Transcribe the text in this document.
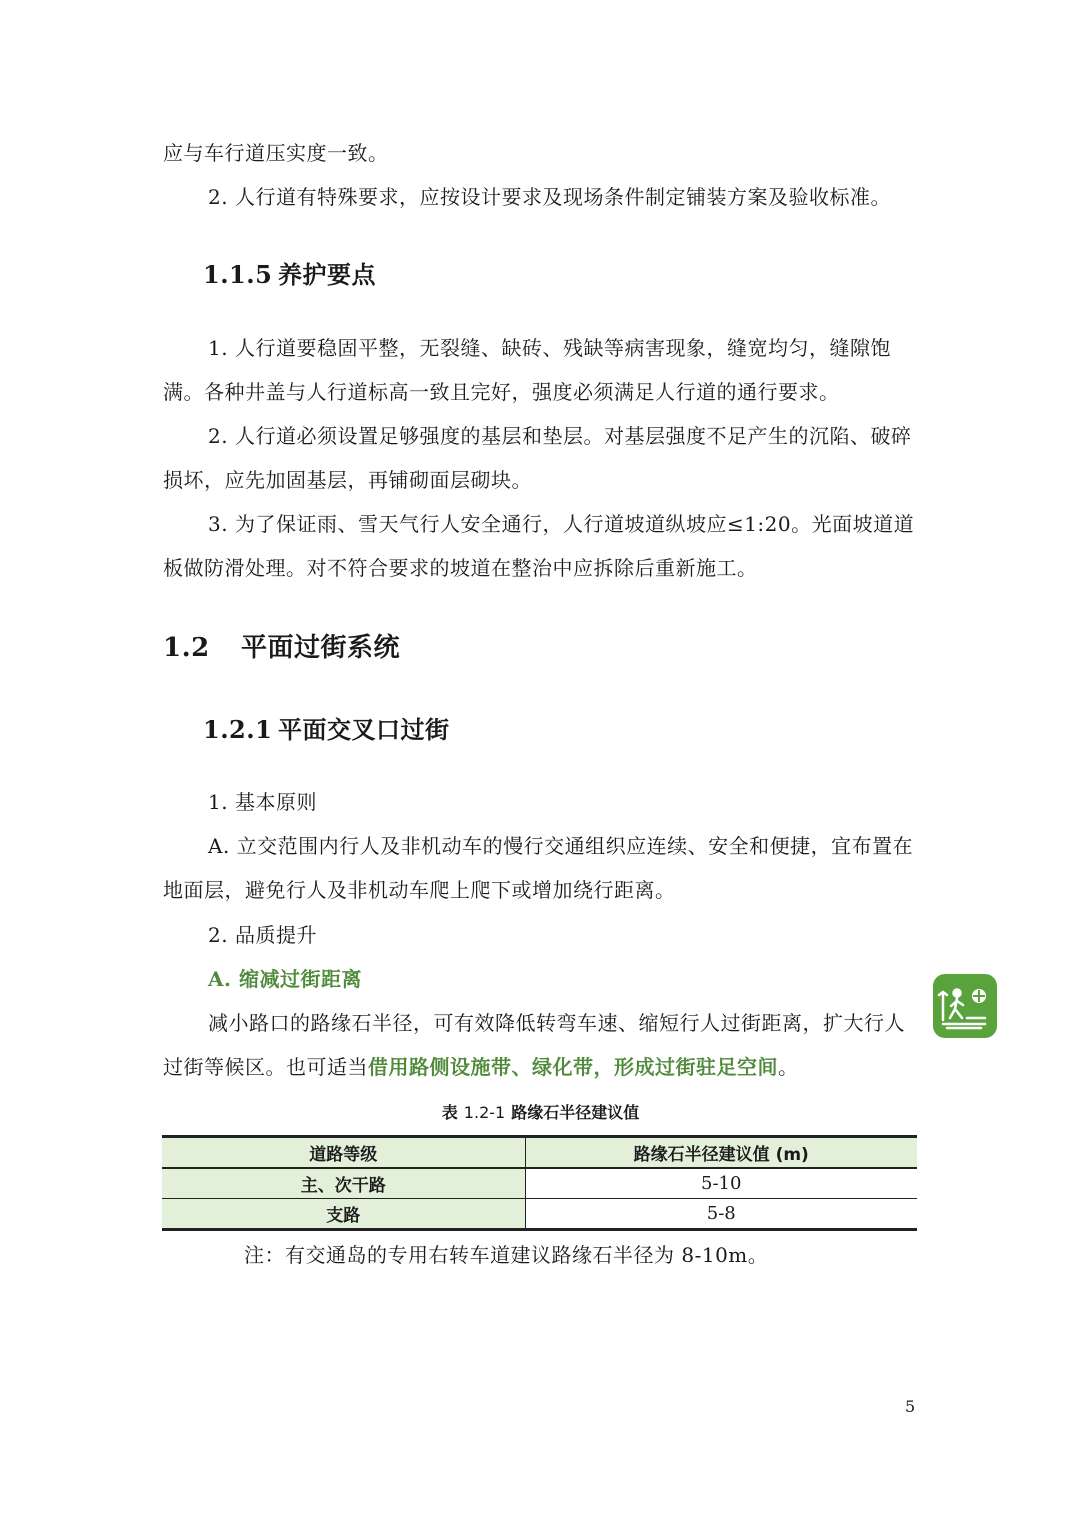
应与车行道压实度一致。

2. 人行道有特殊要求，应按设计要求及现场条件制定铺装方案及验收标准。

1.1.5 养护要点

1. 人行道要稳固平整，无裂缝、缺砖、残缺等病害现象，缝宽均匀，缝隙饱满。各种井盖与人行道标高一致且完好，强度必须满足人行道的通行要求。

2. 人行道必须设置足够强度的基层和垫层。对基层强度不足产生的沉陷、破碎损坏，应先加固基层，再铺砌面层砌块。

3. 为了保证雨、雪天气行人安全通行，人行道坡道纵坡应≤1:20。光面坡道道板做防滑处理。对不符合要求的坡道在整治中应拆除后重新施工。

1.2 平面过街系统
1.2.1 平面交叉口过街

1. 基本原则

A. 立交范围内行人及非机动车的慢行交通组织应连续、安全和便捷，宜布置在地面层，避免行人及非机动车爬上爬下或增加绕行距离。

2. 品质提升

A. 缩减过街距离

减小路口的路缘石半径，可有效降低转弯车速、缩短行人过街距离，扩大行人过街等候区。也可适当借用路侧设施带、绿化带，形成过街驻足空间。

表 1.2-1 路缘石半径建议值
道路等级	路缘石半径建议值 (m)
主、次干路	5-10
支路	5-8
注：有交通岛的专用右转车道建议路缘石半径为 8-10m。
5
